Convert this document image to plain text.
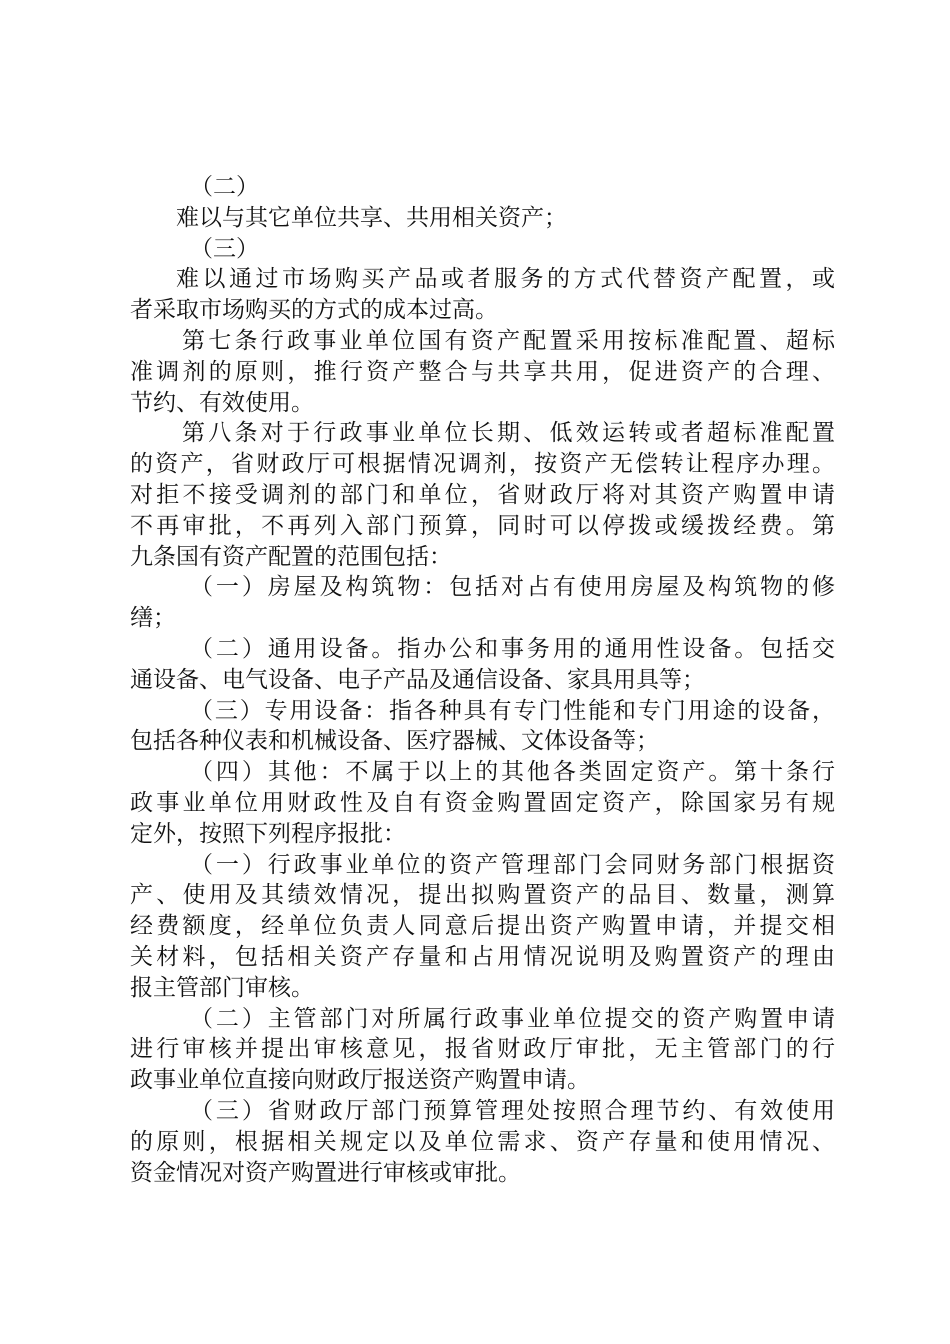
（二）
难以与其它单位共享、共用相关资产；
（三）
难以通过市场购买产品或者服务的方式代替资产配置，或
者采取市场购买的方式的成本过高。
第七条行政事业单位国有资产配置采用按标准配置、超标
准调剂的原则，推行资产整合与共享共用，促进资产的合理、
节约、有效使用。
第八条对于行政事业单位长期、低效运转或者超标准配置
的资产，省财政厅可根据情况调剂，按资产无偿转让程序办理。
对拒不接受调剂的部门和单位，省财政厅将对其资产购置申请
不再审批，不再列入部门预算，同时可以停拨或缓拨经费。第
九条国有资产配置的范围包括：
（一）房屋及构筑物：包括对占有使用房屋及构筑物的修
缮；
（二）通用设备。指办公和事务用的通用性设备。包括交
通设备、电气设备、电子产品及通信设备、家具用具等；
（三）专用设备：指各种具有专门性能和专门用途的设备，
包括各种仪表和机械设备、医疗器械、文体设备等；
（四）其他：不属于以上的其他各类固定资产。第十条行
政事业单位用财政性及自有资金购置固定资产，除国家另有规
定外，按照下列程序报批：
（一）行政事业单位的资产管理部门会同财务部门根据资
产、使用及其绩效情况，提出拟购置资产的品目、数量，测算
经费额度，经单位负责人同意后提出资产购置申请，并提交相
关材料，包括相关资产存量和占用情况说明及购置资产的理由
报主管部门审核。
（二）主管部门对所属行政事业单位提交的资产购置申请
进行审核并提出审核意见，报省财政厅审批，无主管部门的行
政事业单位直接向财政厅报送资产购置申请。
（三）省财政厅部门预算管理处按照合理节约、有效使用
的原则，根据相关规定以及单位需求、资产存量和使用情况、
资金情况对资产购置进行审核或审批。
